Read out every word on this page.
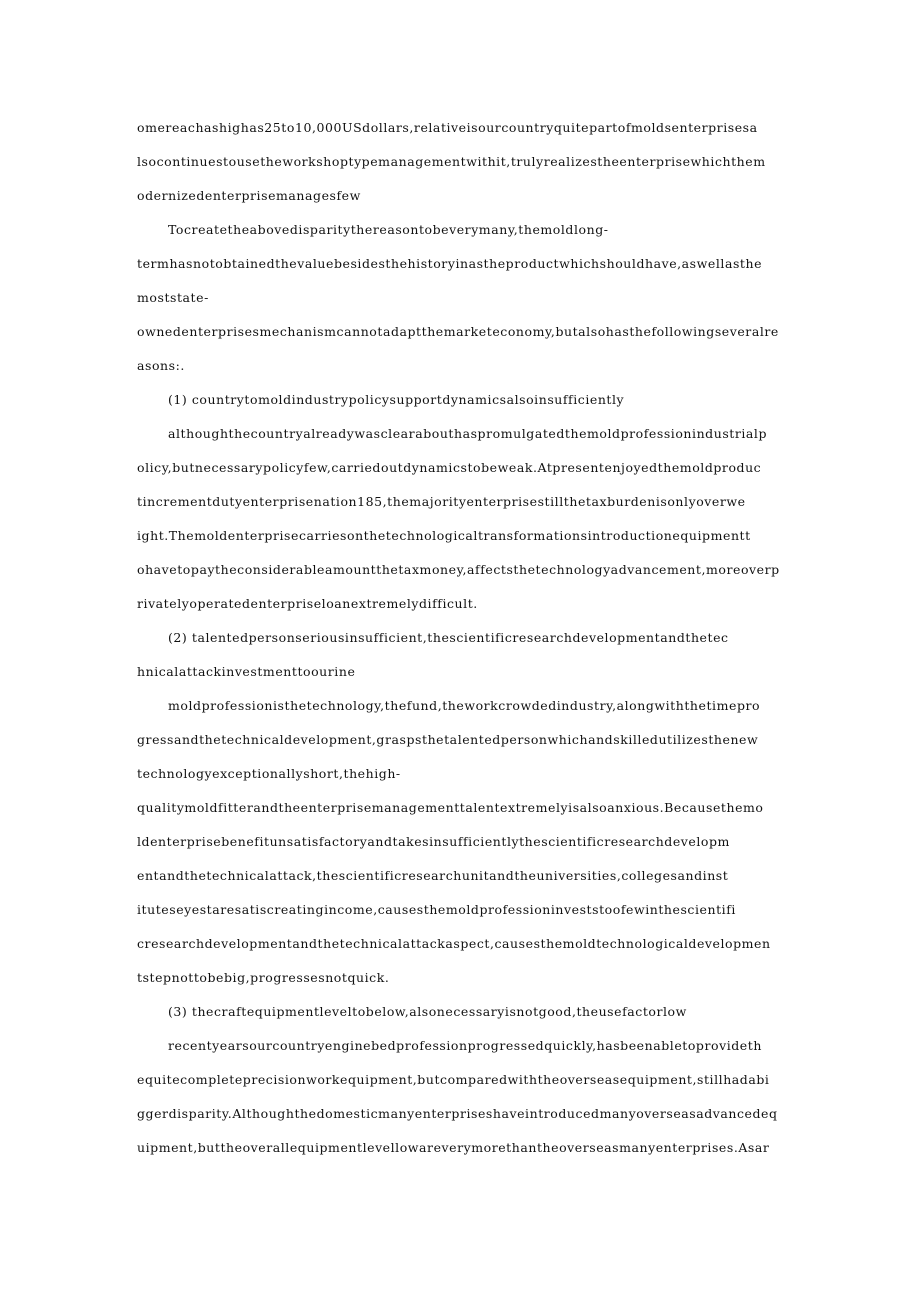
omereachashighas25to10,000USdollars,relativeisourcountryquitepartofmoldsenterprisesa
lsocontinuestousetheworkshoptypemanagementwithit,trulyrealizestheenterprisewhichthem
odernizedenterprisemanagesfew
Tocreatetheabovedisparitythereasontobeverymany,themoldlong-
termhasnotobtainedthevaluebesidesthehistoryinastheproductwhichshouldhave,aswellasthe
moststate-
ownedenterprisesmechanismcannotadaptthemarketeconomy,butalsohasthefollowingseveralre
asons:.
(1) countrytomoldindustrypolicysupportdynamicsalsoinsufficiently
althoughthecountryalreadywasclearabouthaspromulgatedthemoldprofessionindustrialp
olicy,butnecessarypolicyfew,carriedoutdynamicstobeweak.Atpresentenjoyedthemoldproduc
tincrementdutyenterprisenation185,themajorityenterprisestillthetaxburdenisonlyoverwe
ight.Themoldenterprisecarriesonthetechnologicaltransformationsintroductionequipmentt
ohavetopaytheconsiderableamountthetaxmoney,affectsthetechnologyadvancement,moreoverp
rivatelyoperatedenterpriseloanextremelydifficult.
(2) talentedpersonseriousinsufficient,thescientificresearchdevelopmentandthetec
hnicalattackinvestmenttoourine
moldprofessionisthetechnology,thefund,theworkcrowdedindustry,alongwiththetimepro
gressandthetechnicaldevelopment,graspsthetalentedpersonwhichandskilledutilizesthenew
technologyexceptionallyshort,thehigh-
qualitymoldfitterandtheenterprisemanagementtalentextremelyisalsoanxious.Becausethemo
ldenterprisebenefitunsatisfactoryandtakesinsufficientlythescientificresearchdevelopm
entandthetechnicalattack,thescientificresearchunitandtheuniversities,collegesandinst
ituteseyestaresatiscreatingincome,causesthemoldprofessioninveststoofewinthescientifi
cresearchdevelopmentandthetechnicalattackaspect,causesthemoldtechnologicaldevelopmen
tstepnottobebig,progressesnotquick.
(3) thecraftequipmentleveltobelow,alsonecessaryisnotgood,theusefactorlow
recentyearsourcountryenginebedprofessionprogressedquickly,hasbeenabletoprovideth
equitecompleteprecisionworkequipment,butcomparedwiththeoverseasequipment,stillhadabi
ggerdisparity.Althoughthedomesticmanyenterpriseshaveintroducedmanyoverseasadvancedeq
uipment,buttheoverallequipmentlevellowareverymorethantheoverseasmanyenterprises.Asar
